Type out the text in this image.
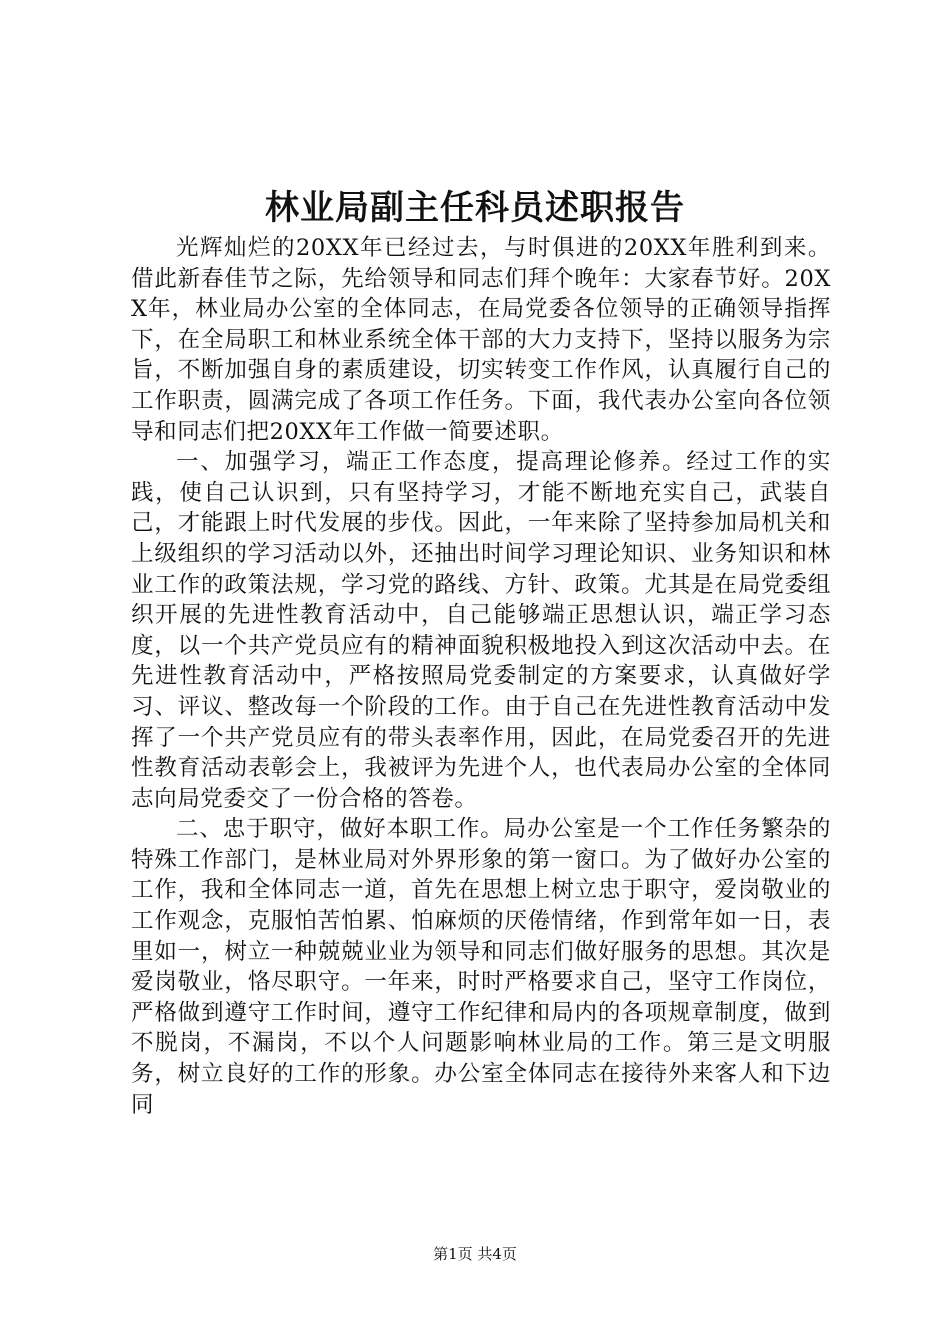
林业局副主任科员述职报告

光辉灿烂的20XX年已经过去，与时俱进的20XX年胜利到来。借此新春佳节之际，先给领导和同志们拜个晚年：大家春节好。20XX年，林业局办公室的全体同志，在局党委各位领导的正确领导指挥下，在全局职工和林业系统全体干部的大力支持下，坚持以服务为宗旨，不断加强自身的素质建设，切实转变工作作风，认真履行自己的工作职责，圆满完成了各项工作任务。下面，我代表办公室向各位领导和同志们把20XX年工作做一简要述职。

一、加强学习，端正工作态度，提高理论修养。经过工作的实践，使自己认识到，只有坚持学习，才能不断地充实自己，武装自己，才能跟上时代发展的步伐。因此，一年来除了坚持参加局机关和上级组织的学习活动以外，还抽出时间学习理论知识、业务知识和林业工作的政策法规，学习党的路线、方针、政策。尤其是在局党委组织开展的先进性教育活动中，自己能够端正思想认识，端正学习态度，以一个共产党员应有的精神面貌积极地投入到这次活动中去。在先进性教育活动中，严格按照局党委制定的方案要求，认真做好学习、评议、整改每一个阶段的工作。由于自己在先进性教育活动中发挥了一个共产党员应有的带头表率作用，因此，在局党委召开的先进性教育活动表彰会上，我被评为先进个人，也代表局办公室的全体同志向局党委交了一份合格的答卷。

二、忠于职守，做好本职工作。局办公室是一个工作任务繁杂的特殊工作部门，是林业局对外界形象的第一窗口。为了做好办公室的工作，我和全体同志一道，首先在思想上树立忠于职守，爱岗敬业的工作观念，克服怕苦怕累、怕麻烦的厌倦情绪，作到常年如一日，表里如一，树立一种兢兢业业为领导和同志们做好服务的思想。其次是爱岗敬业，恪尽职守。一年来，时时严格要求自己，坚守工作岗位，严格做到遵守工作时间，遵守工作纪律和局内的各项规章制度，做到不脱岗，不漏岗，不以个人问题影响林业局的工作。第三是文明服务，树立良好的工作的形象。办公室全体同志在接待外来客人和下边同

第1页 共4页
